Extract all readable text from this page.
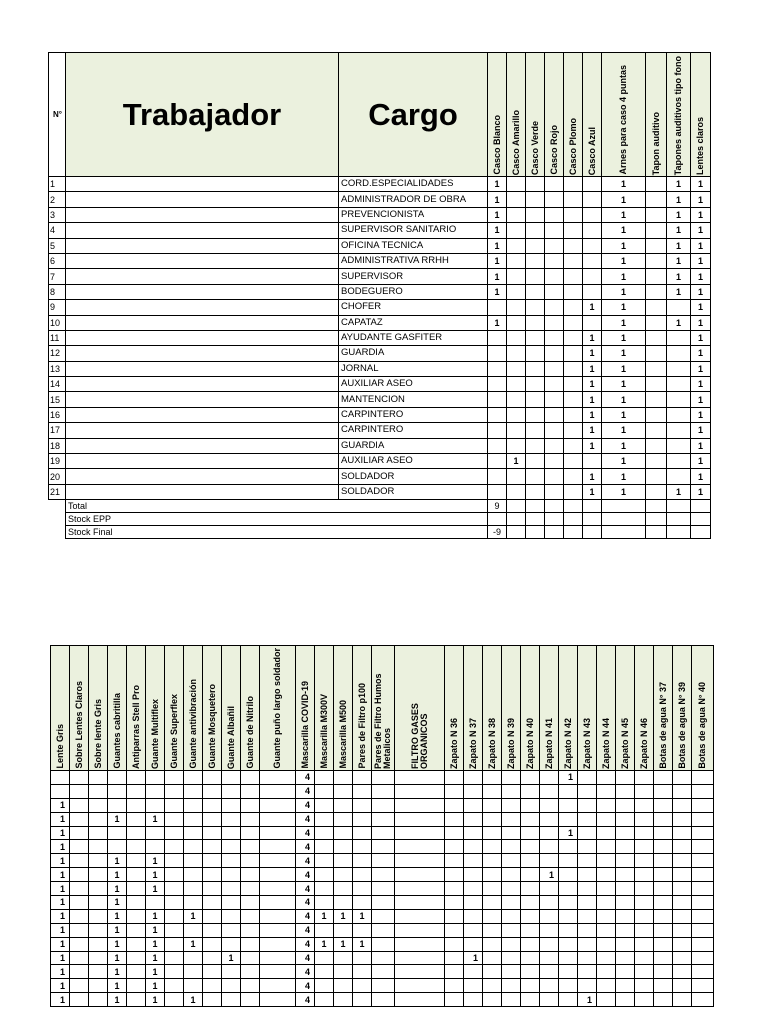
N°	Trabajador	Cargo	Casco Blanco	Casco Amarillo	Casco Verde	Casco Rojo	Casco Plomo	Casco Azul	Arnes para caso 4 puntas	Tapon auditivo	Tapones auditivos tipo fono	Lentes claros

1		CORD.ESPECIALIDADES	1						1		1	1
2		ADMINISTRADOR DE OBRA	1						1		1	1
3		PREVENCIONISTA	1						1		1	1
4		SUPERVISOR SANITARIO	1						1		1	1
5		OFICINA TECNICA	1						1		1	1
6		ADMINISTRATIVA RRHH	1						1		1	1
7		SUPERVISOR	1						1		1	1
8		BODEGUERO	1						1		1	1
9		CHOFER						1	1			1
10		CAPATAZ	1						1		1	1
11		AYUDANTE GASFITER						1	1			1
12		GUARDIA						1	1			1
13		JORNAL						1	1			1
14		AUXILIAR ASEO						1	1			1
15		MANTENCION						1	1			1
16		CARPINTERO						1	1			1
17		CARPINTERO						1	1			1
18		GUARDIA						1	1			1
19		AUXILIAR ASEO		1					1			1
20		SOLDADOR						1	1			1
21		SOLDADOR						1	1		1	1
	Total		9									
	Stock EPP											
	Stock Final		-9									
Lente Gris	Sobre Lentes Claros	Sobre lente Gris	Guantes cabritilla	Antiparras Stell Pro	Guante Multiflex	Guante Superflex	Guante antivibración	Guante Mosquetero	Guante Albañil	Guante de Nitrilo	Guante puño largo soldador	Mascarilla COVID-19	Mascarilla M300V	Mascarilla M500	Pares de Filtro p100	Pares de Filtro Humos Metalicos	FILTRO GASES ORGANICOS	Zapato N 36	Zapato N 37	Zapato N 38	Zapato N 39	Zapato N 40	Zapato N 41	Zapato N 42	Zapato N 43	Zapato N 44	Zapato N 45	Zapato N 46	Botas de agua N° 37	Botas de agua N° 39	Botas de agua N° 40

												4												1							
												4																			
1												4																			
1			1		1							4																			
1												4												1							
1												4																			
1			1		1							4																			
1			1		1							4											1								
1			1		1							4																			
1			1									4																			
1			1		1		1					4	1	1	1																
1			1		1							4																			
1			1		1		1					4	1	1	1																
1			1		1				1			4							1												
1			1		1							4																			
1			1		1							4																			
1			1		1		1					4													1						
